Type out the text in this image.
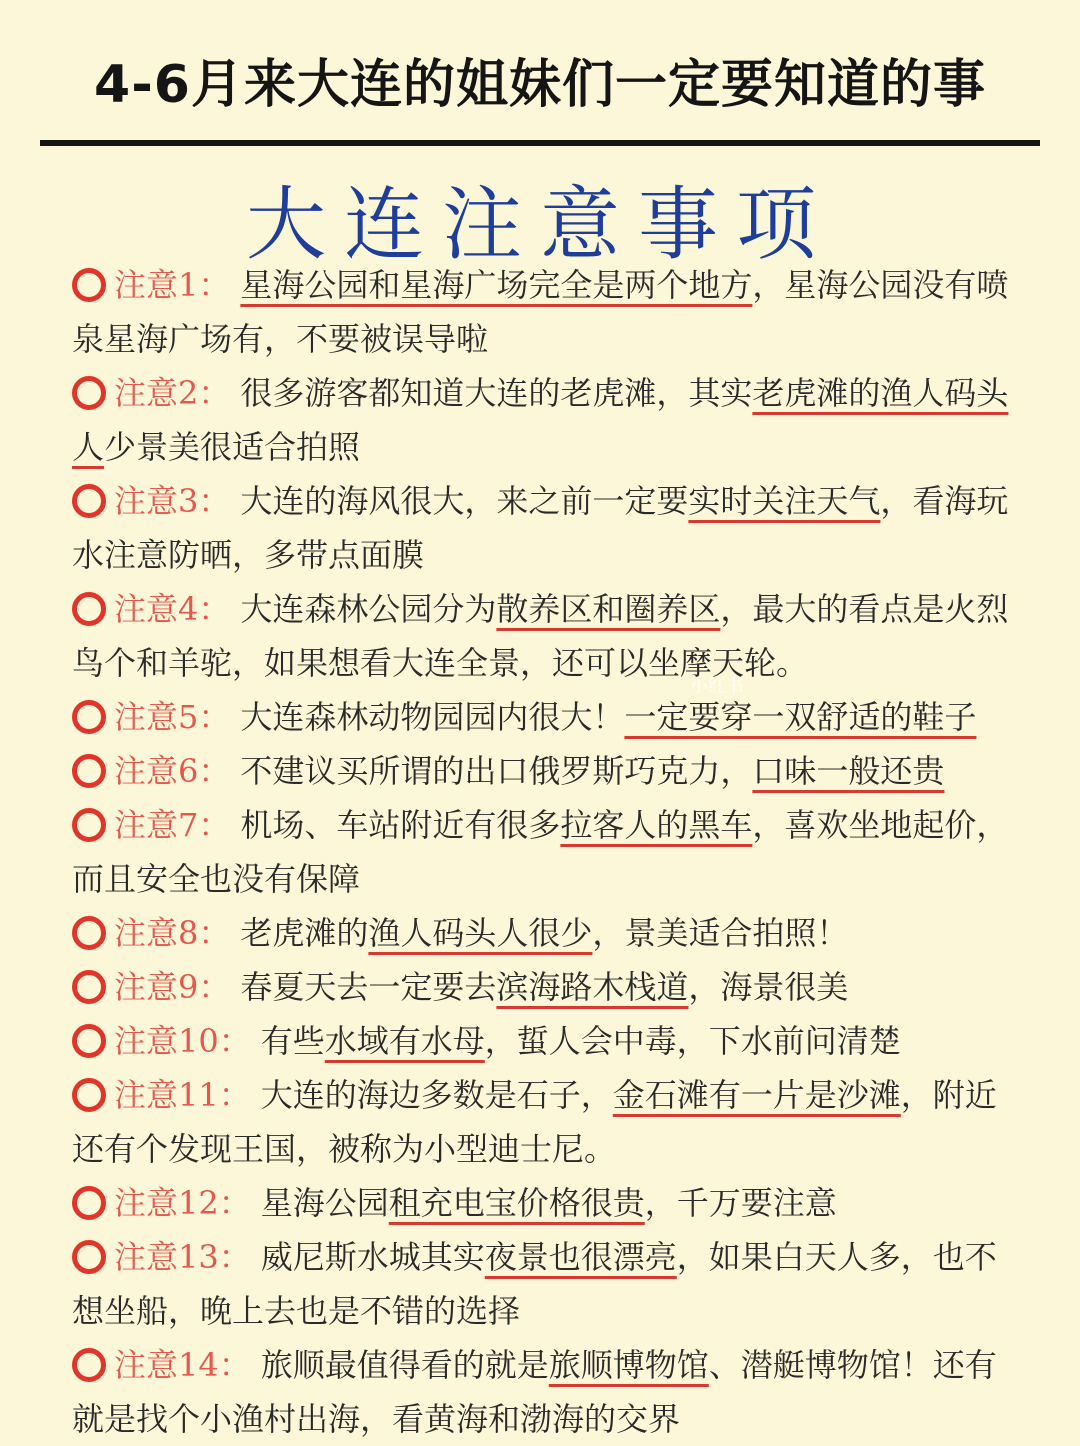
4-6月来大连的姐妹们一定要知道的事
大连注意事项

注意1： 星海公园和星海广场完全是两个地方，星海公园没有喷泉星海广场有，不要被误导啦

注意2： 很多游客都知道大连的老虎滩，其实老虎滩的渔人码头人少景美很适合拍照

注意3： 大连的海风很大，来之前一定要实时关注天气，看海玩水注意防晒，多带点面膜

注意4： 大连森林公园分为散养区和圈养区，最大的看点是火烈鸟个和羊驼，如果想看大连全景，还可以坐摩天轮。

注意5： 大连森林动物园园内很大！一定要穿一双舒适的鞋子

注意6： 不建议买所谓的出口俄罗斯巧克力，口味一般还贵

注意7： 机场、车站附近有很多拉客人的黑车，喜欢坐地起价，而且安全也没有保障

注意8： 老虎滩的渔人码头人很少，景美适合拍照！

注意9： 春夏天去一定要去滨海路木栈道，海景很美

注意10： 有些水域有水母，蜇人会中毒，下水前问清楚

注意11： 大连的海边多数是石子，金石滩有一片是沙滩，附近还有个发现王国，被称为小型迪士尼。

注意12： 星海公园租充电宝价格很贵，千万要注意

注意13： 威尼斯水城其实夜景也很漂亮，如果白天人多，也不想坐船，晚上去也是不错的选择

注意14： 旅顺最值得看的就是旅顺博物馆、潜艇博物馆！还有就是找个小渔村出海，看黄海和渤海的交界

小红书
